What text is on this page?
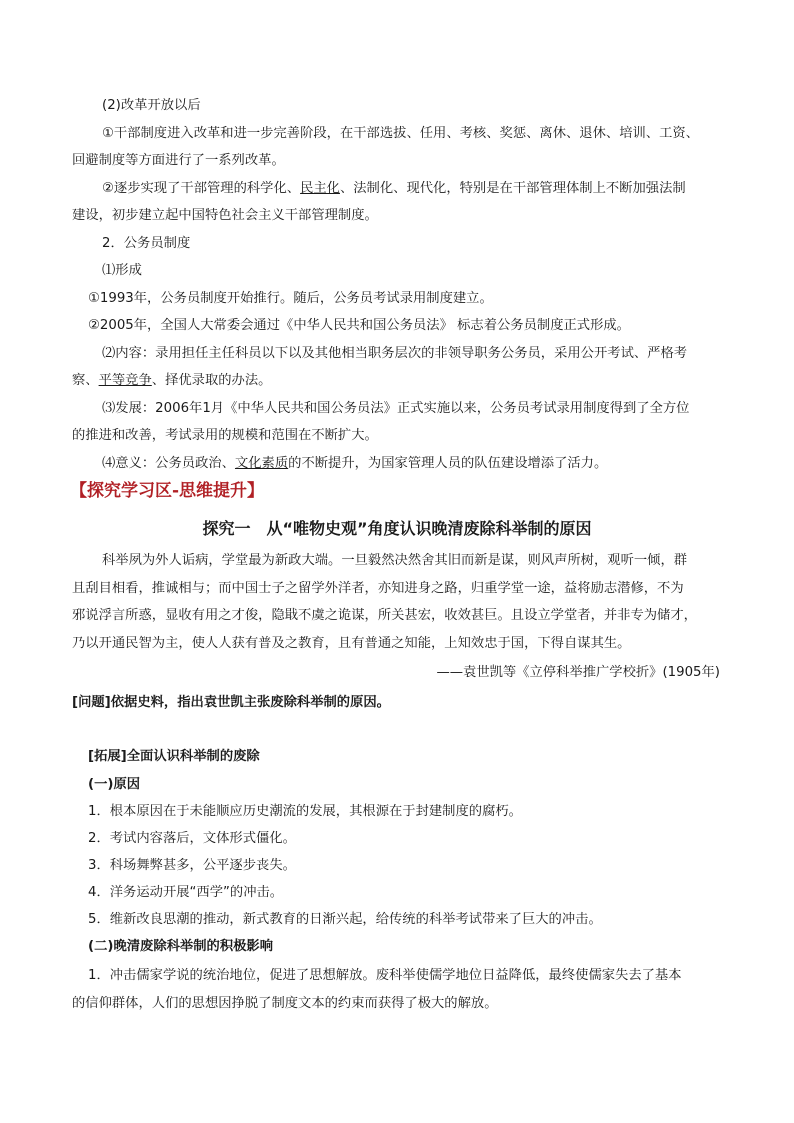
(2)改革开放以后
①干部制度进入改革和进一步完善阶段，在干部选拔、任用、考核、奖惩、离休、退休、培训、工资、
回避制度等方面进行了一系列改革。
②逐步实现了干部管理的科学化、民主化、法制化、现代化，特别是在干部管理体制上不断加强法制
建设，初步建立起中国特色社会主义干部管理制度。
2．公务员制度
⑴形成
①1993年，公务员制度开始推行。随后，公务员考试录用制度建立。
②2005年，全国人大常委会通过《中华人民共和国公务员法》 标志着公务员制度正式形成。
⑵内容：录用担任主任科员以下以及其他相当职务层次的非领导职务公务员，采用公开考试、严格考
察、平等竞争、择优录取的办法。
⑶发展：2006年1月《中华人民共和国公务员法》正式实施以来，公务员考试录用制度得到了全方位
的推进和改善，考试录用的规模和范围在不断扩大。
⑷意义：公务员政治、文化素质的不断提升，为国家管理人员的队伍建设增添了活力。
【探究学习区-思维提升】
探究一　从“唯物史观”角度认识晚清废除科举制的原因
科举夙为外人诟病，学堂最为新政大端。一旦毅然决然舍其旧而新是谋，则风声所树，观听一倾，群
且刮目相看，推诚相与；而中国士子之留学外洋者，亦知进身之路，归重学堂一途，益将励志潜修，不为
邪说浮言所惑，显收有用之才俊，隐戢不虞之诡谋，所关甚宏，收效甚巨。且设立学堂者，并非专为储才，
乃以开通民智为主，使人人获有普及之教育，且有普通之知能，上知效忠于国，下得自谋其生。
——袁世凯等《立停科举推广学校折》(1905年)
[问题]依据史料，指出袁世凯主张废除科举制的原因。
[拓展]全面认识科举制的废除
(一)原因
1．根本原因在于未能顺应历史潮流的发展，其根源在于封建制度的腐朽。
2．考试内容落后，文体形式僵化。
3．科场舞弊甚多，公平逐步丧失。
4．洋务运动开展“西学”的冲击。
5．维新改良思潮的推动，新式教育的日渐兴起，给传统的科举考试带来了巨大的冲击。
(二)晚清废除科举制的积极影响
1．冲击儒家学说的统治地位，促进了思想解放。废科举使儒学地位日益降低，最终使儒家失去了基本
的信仰群体，人们的思想因挣脱了制度文本的约束而获得了极大的解放。
